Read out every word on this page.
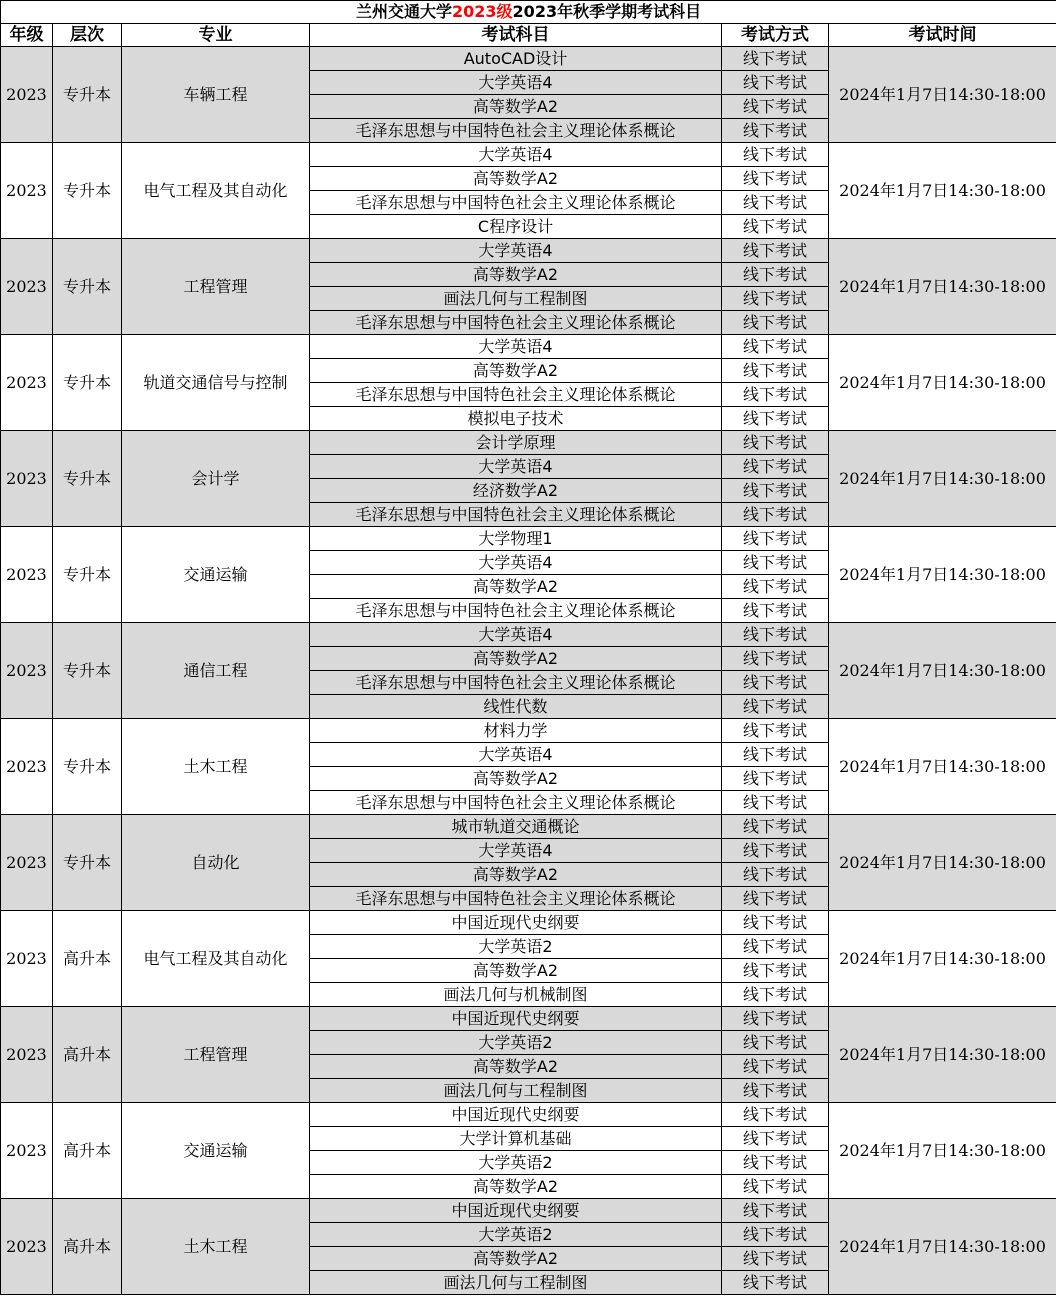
兰州交通大学2023级2023年秋季学期考试科目					
年级	层次	专业	考试科目	考试方式	考试时间
2023	专升本	车辆工程	AutoCAD设计	线下考试	2024年1月7日14:30-18:00
			大学英语4	线下考试	
			高等数学A2	线下考试	
			毛泽东思想与中国特色社会主义理论体系概论	线下考试	
2023	专升本	电气工程及其自动化	大学英语4	线下考试	2024年1月7日14:30-18:00
			高等数学A2	线下考试	
			毛泽东思想与中国特色社会主义理论体系概论	线下考试	
			C程序设计	线下考试	
2023	专升本	工程管理	大学英语4	线下考试	2024年1月7日14:30-18:00
			高等数学A2	线下考试	
			画法几何与工程制图	线下考试	
			毛泽东思想与中国特色社会主义理论体系概论	线下考试	
2023	专升本	轨道交通信号与控制	大学英语4	线下考试	2024年1月7日14:30-18:00
			高等数学A2	线下考试	
			毛泽东思想与中国特色社会主义理论体系概论	线下考试	
			模拟电子技术	线下考试	
2023	专升本	会计学	会计学原理	线下考试	2024年1月7日14:30-18:00
			大学英语4	线下考试	
			经济数学A2	线下考试	
			毛泽东思想与中国特色社会主义理论体系概论	线下考试	
2023	专升本	交通运输	大学物理1	线下考试	2024年1月7日14:30-18:00
			大学英语4	线下考试	
			高等数学A2	线下考试	
			毛泽东思想与中国特色社会主义理论体系概论	线下考试	
2023	专升本	通信工程	大学英语4	线下考试	2024年1月7日14:30-18:00
			高等数学A2	线下考试	
			毛泽东思想与中国特色社会主义理论体系概论	线下考试	
			线性代数	线下考试	
2023	专升本	土木工程	材料力学	线下考试	2024年1月7日14:30-18:00
			大学英语4	线下考试	
			高等数学A2	线下考试	
			毛泽东思想与中国特色社会主义理论体系概论	线下考试	
2023	专升本	自动化	城市轨道交通概论	线下考试	2024年1月7日14:30-18:00
			大学英语4	线下考试	
			高等数学A2	线下考试	
			毛泽东思想与中国特色社会主义理论体系概论	线下考试	
2023	高升本	电气工程及其自动化	中国近现代史纲要	线下考试	2024年1月7日14:30-18:00
			大学英语2	线下考试	
			高等数学A2	线下考试	
			画法几何与机械制图	线下考试	
2023	高升本	工程管理	中国近现代史纲要	线下考试	2024年1月7日14:30-18:00
			大学英语2	线下考试	
			高等数学A2	线下考试	
			画法几何与工程制图	线下考试	
2023	高升本	交通运输	中国近现代史纲要	线下考试	2024年1月7日14:30-18:00
			大学计算机基础	线下考试	
			大学英语2	线下考试	
			高等数学A2	线下考试	
2023	高升本	土木工程	中国近现代史纲要	线下考试	2024年1月7日14:30-18:00
			大学英语2	线下考试	
			高等数学A2	线下考试	
			画法几何与工程制图	线下考试	
